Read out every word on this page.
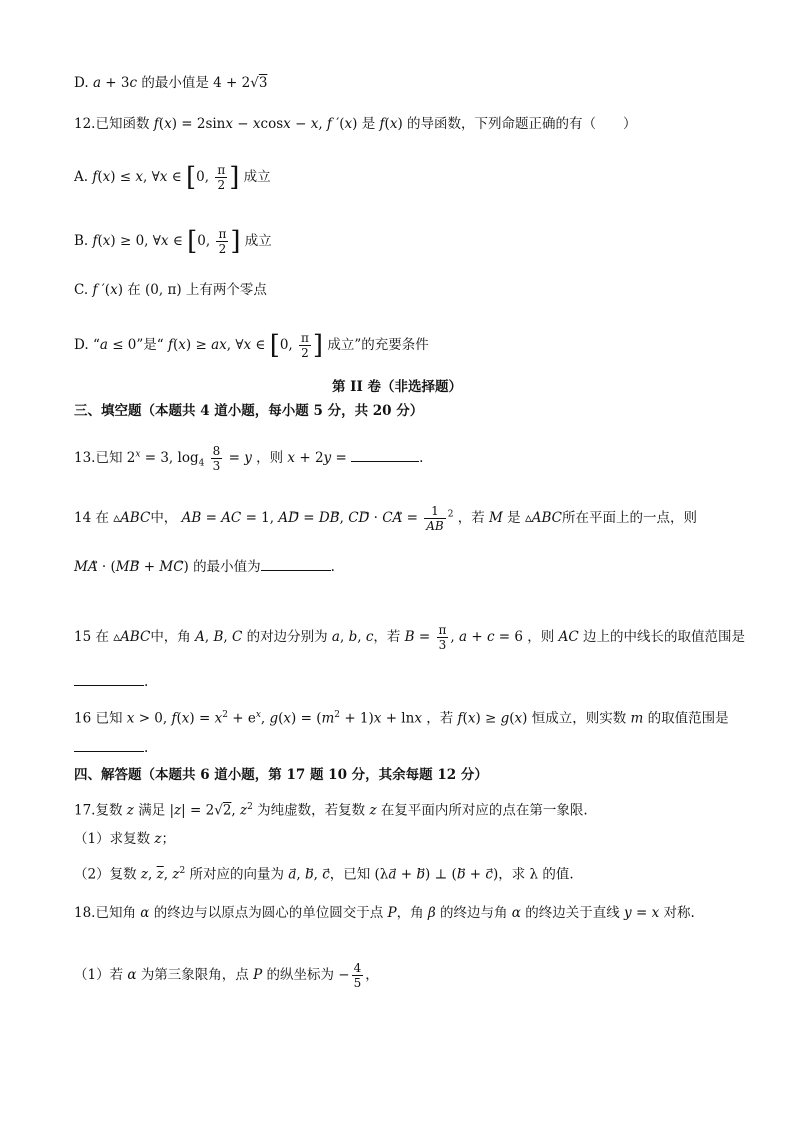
D. a + 3c 的最小值是 4 + 2√3
12.已知函数 f(x) = 2sinx − xcosx − x, f ′(x) 是 f(x) 的导函数，下列命题正确的有（　　）
A. f(x) ≤ x, ∀x ∈ [0, $\frac{\pi}{2}$ ] 成立
B. f(x) ≥ 0, ∀x ∈ [0, $\frac{\pi}{2}$ ] 成立
C. f ′(x) 在 (0, π) 上有两个零点
D. “a ≤ 0”是“ f(x) ≥ ax, ∀x ∈ [0, $\frac{\pi}{2}$ ] 成立”的充要条件
第 II 卷（非选择题）
三、填空题（本题共 4 道小题，每小题 5 分，共 20 分）
13.已知 $2^x = 3$, $\log_4 \frac{8}{3} = y$ ，则 x + 2y =	.
14 在 ▵ABC中， AB = AC = 1, AD⃗ = DB⃗, CD⃗ · CA⃗ = $\frac{1}{AB} ^2$ ，若 M 是 ▵ABC所在平面上的一点，则
MA⃗ · (MB⃗ + MC⃗) 的最小值为	.
15 在 ▵ABC中，角 A, B, C 的对边分别为 a, b, c，若 $B = \frac{\pi}{3}$ , a + c = 6 ，则 AC 边上的中线长的取值范围是
.
16 已知 x > 0, $f(x) = x^2 + e^x$, $g(x) = (m^2 + 1)x + \ln x$ ，若 f(x) ≥ g(x) 恒成立，则实数 m 的取值范围是
.
四、解答题（本题共 6 道小题，第 17 题 10 分，其余每题 12 分）
17.复数 z 满足 |z| = 2√2, $z^2$ 为纯虚数，若复数 z 在复平面内所对应的点在第一象限.
（1）求复数 z；
（2）复数 z, $\overline{z}$, $z^2$ 所对应的向量为 a⃗, b⃗, c，已知 (λa⃗ + b⃗) ⊥ (b⃗ + c⃗)，求 λ 的值.
18.已知角 α 的终边与以原点为圆心的单位圆交于点 P，角 β 的终边与角 α 的终边关于直线 y = x 对称.
（1）若 α 为第三象限角，点 P 的纵坐标为 − $\frac{4}{5}$ ，
